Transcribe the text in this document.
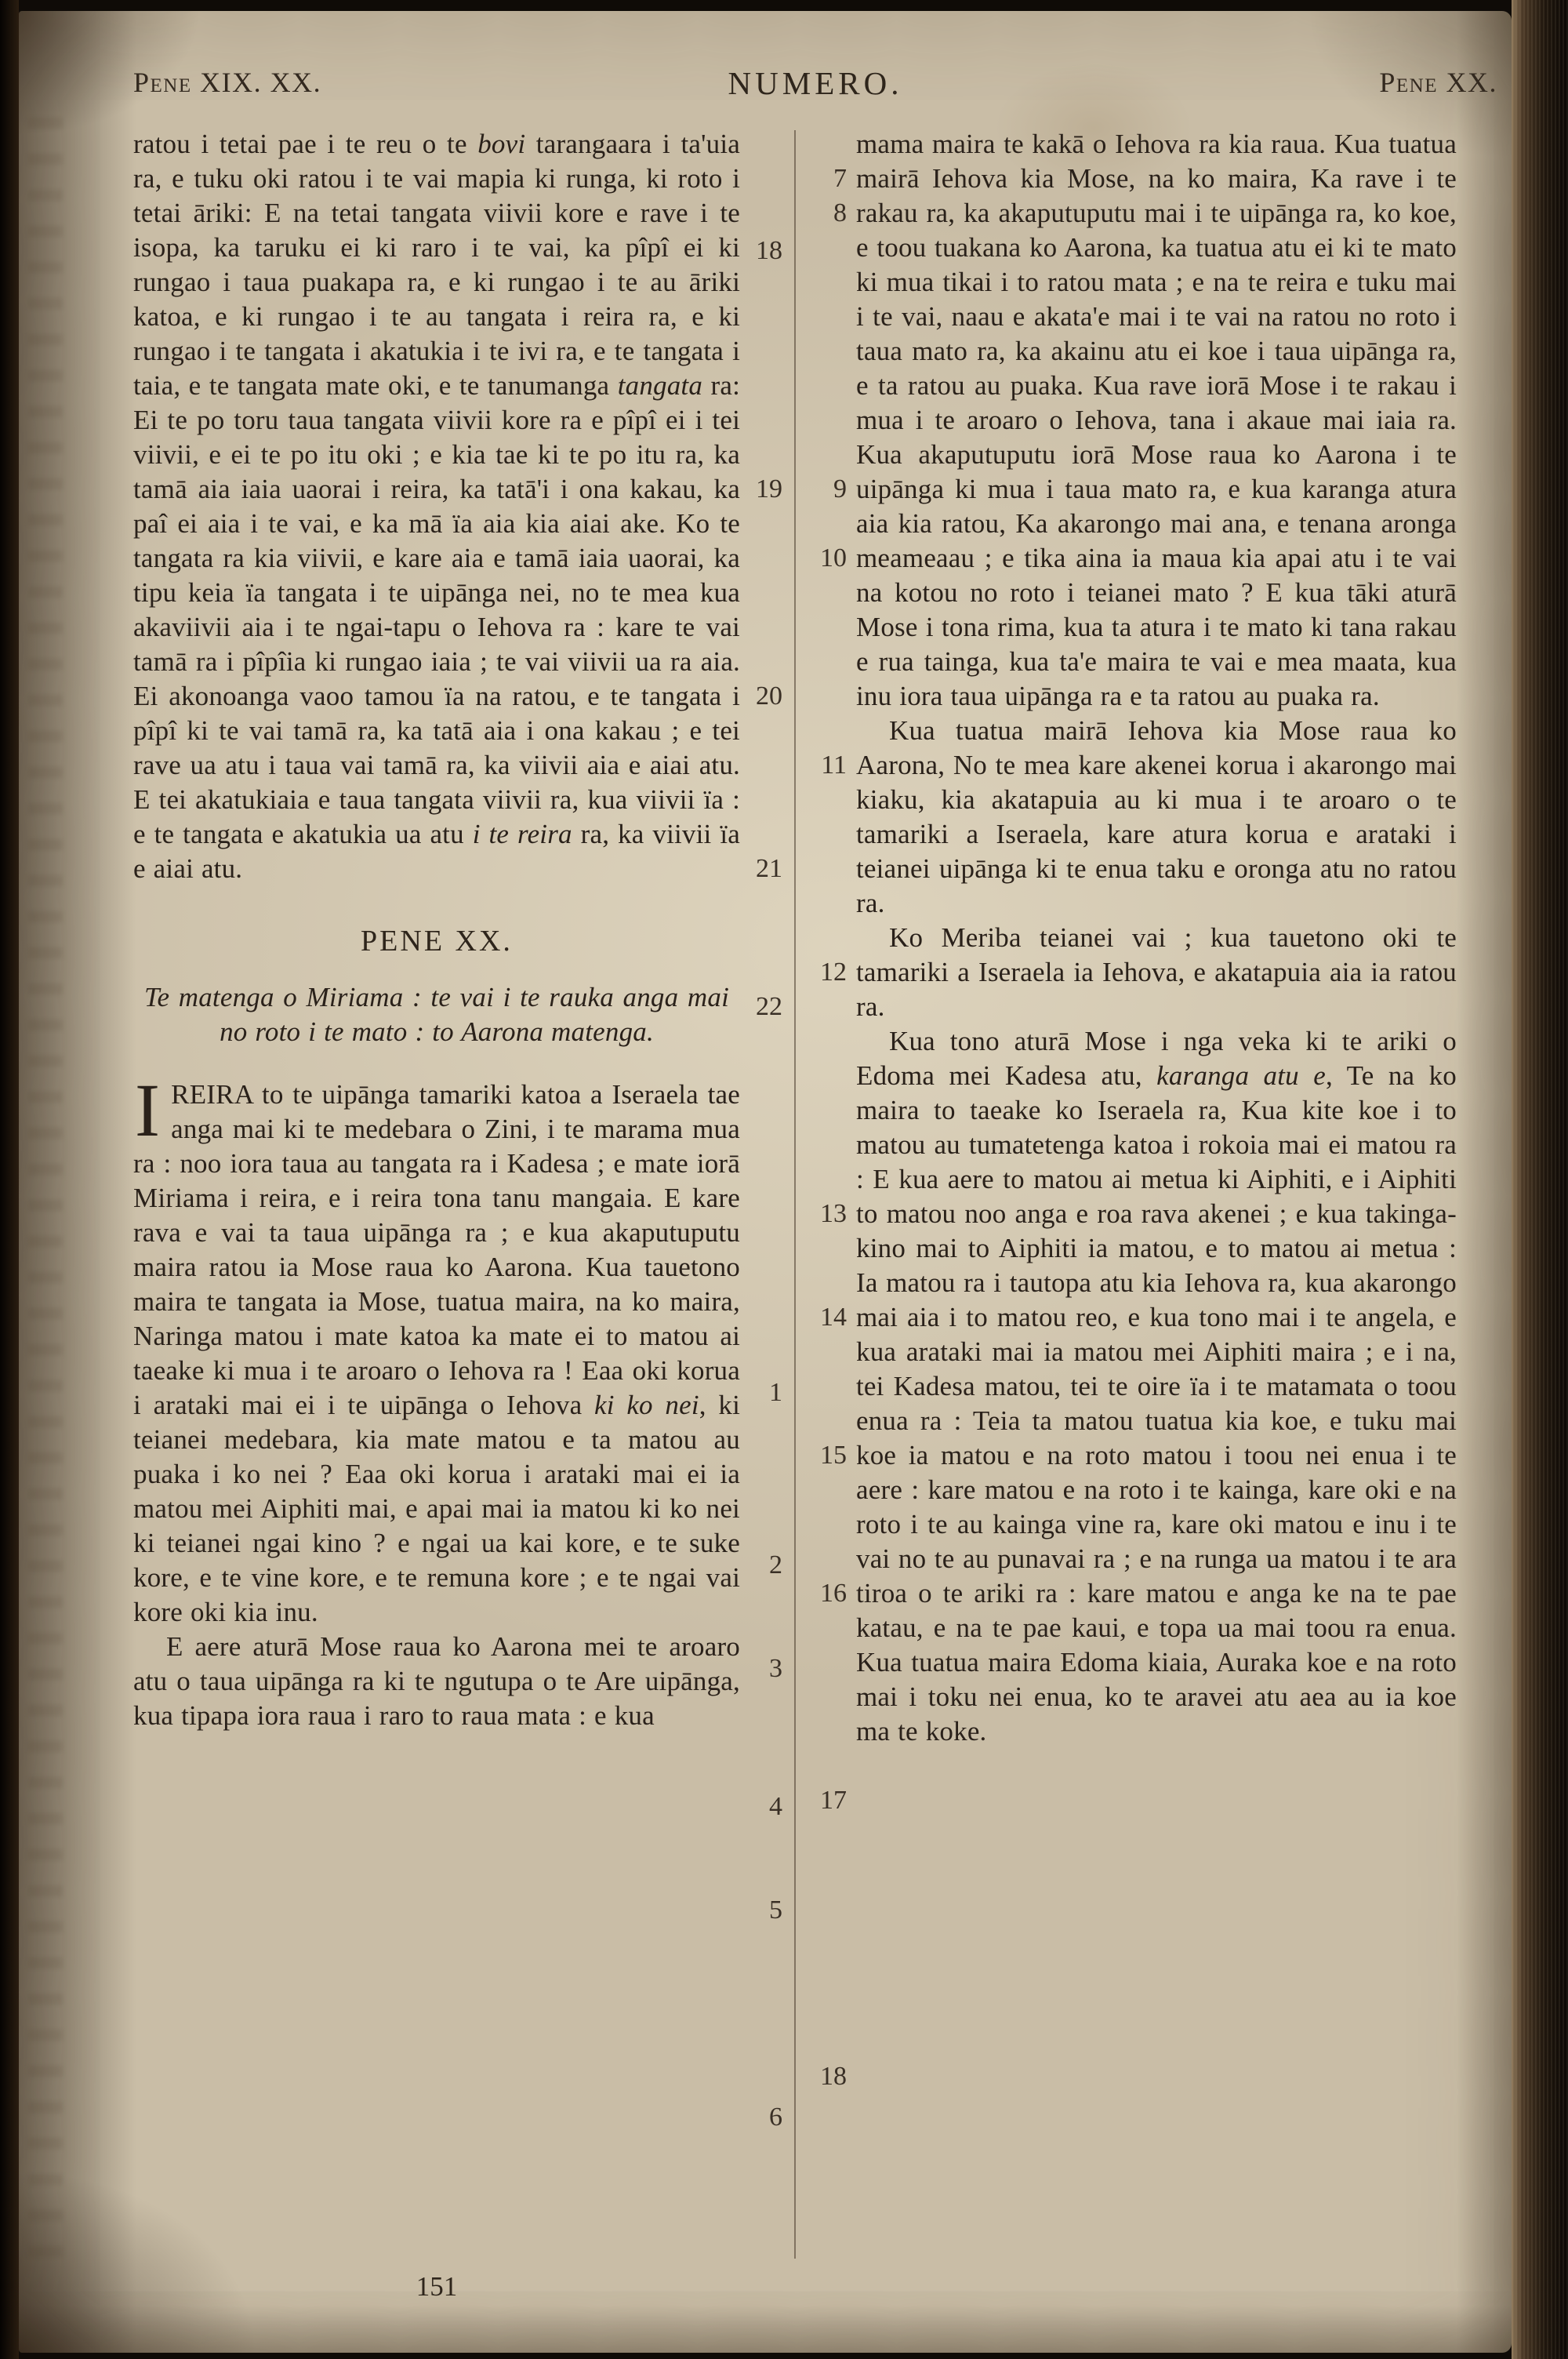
Pene XIX. XX.	NUMERO.	Pene XX.

ratou i tetai pae i te reu o te bovi tarangaara i ta'uia ra, e tuku oki ratou i te vai mapia ki runga, ki roto i tetai āriki: E na tetai tangata viivii kore e rave i te isopa, ka taruku ei ki raro i te vai, ka pîpî ei ki rungao i taua puakapa ra, e ki rungao i te au āriki katoa, e ki rungao i te au tangata i reira ra, e ki rungao i te tangata i akatukia i te ivi ra, e te tangata i taia, e te tangata mate oki, e te tanumanga tangata ra: Ei te po toru taua tangata viivii kore ra e pîpî ei i tei viivii, e ei te po itu oki ; e kia tae ki te po itu ra, ka tamā aia iaia uaorai i reira, ka tatā'i i ona kakau, ka paî ei aia i te vai, e ka mā ïa aia kia aiai ake. Ko te tangata ra kia viivii, e kare aia e tamā iaia uaorai, ka tipu keia ïa tangata i te uipānga nei, no te mea kua akaviivii aia i te ngai-tapu o Iehova ra : kare te vai tamā ra i pîpîia ki rungao iaia ; te vai viivii ua ra aia. Ei akonoanga vaoo tamou ïa na ratou, e te tangata i pîpî ki te vai tamā ra, ka tatā aia i ona kakau ; e tei rave ua atu i taua vai tamā ra, ka viivii aia e aiai atu. E tei akatukiaia e taua tangata viivii ra, kua viivii ïa : e te tangata e akatukia ua atu i te reira ra, ka viivii ïa e aiai atu.

PENE XX.

Te matenga o Miriama : te vai i te rauka anga mai no roto i te mato : to Aarona matenga.

IREIRA to te uipānga tamariki katoa a Iseraela tae anga mai ki te medebara o Zini, i te marama mua ra : noo iora taua au tangata ra i Kadesa ; e mate iorā Miriama i reira, e i reira tona tanu mangaia. E kare rava e vai ta taua uipānga ra ; e kua akaputuputu maira ratou ia Mose raua ko Aarona. Kua tauetono maira te tangata ia Mose, tuatua maira, na ko maira, Naringa matou i mate katoa ka mate ei to matou ai taeake ki mua i te aroaro o Iehova ra ! Eaa oki korua i arataki mai ei i te uipānga o Iehova ki ko nei, ki teianei medebara, kia mate matou e ta matou au puaka i ko nei ? Eaa oki korua i arataki mai ei ia matou mei Aiphiti mai, e apai mai ia matou ki ko nei ki teianei ngai kino ? e ngai ua kai kore, e te suke kore, e te vine kore, e te remuna kore ; e te ngai vai kore oki kia inu.

E aere aturā Mose raua ko Aarona mei te aroaro atu o taua uipānga ra ki te ngutupa o te Are uipānga, kua tipapa iora raua i raro to raua mata : e kua

mama maira te kakā o Iehova ra kia raua. Kua tuatua mairā Iehova kia Mose, na ko maira, Ka rave i te rakau ra, ka akaputuputu mai i te uipānga ra, ko koe, e toou tuakana ko Aarona, ka tuatua atu ei ki te mato ki mua tikai i to ratou mata ; e na te reira e tuku mai i te vai, naau e akata'e mai i te vai na ratou no roto i taua mato ra, ka akainu atu ei koe i taua uipānga ra, e ta ratou au puaka. Kua rave iorā Mose i te rakau i mua i te aroaro o Iehova, tana i akaue mai iaia ra. Kua akaputuputu iorā Mose raua ko Aarona i te uipānga ki mua i taua mato ra, e kua karanga atura aia kia ratou, Ka akarongo mai ana, e tenana aronga meameaau ; e tika aina ia maua kia apai atu i te vai na kotou no roto i teianei mato ? E kua tāki aturā Mose i tona rima, kua ta atura i te mato ki tana rakau e rua tainga, kua ta'e maira te vai e mea maata, kua inu iora taua uipānga ra e ta ratou au puaka ra.

Kua tuatua mairā Iehova kia Mose raua ko Aarona, No te mea kare akenei korua i akarongo mai kiaku, kia akatapuia au ki mua i te aroaro o te tamariki a Iseraela, kare atura korua e arataki i teianei uipānga ki te enua taku e oronga atu no ratou ra.

Ko Meriba teianei vai ; kua tauetono oki te tamariki a Iseraela ia Iehova, e akatapuia aia ia ratou ra.

Kua tono aturā Mose i nga veka ki te ariki o Edoma mei Kadesa atu, karanga atu e, Te na ko maira to taeake ko Iseraela ra, Kua kite koe i to matou au tumatetenga katoa i rokoia mai ei matou ra : E kua aere to matou ai metua ki Aiphiti, e i Aiphiti to matou noo anga e roa rava akenei ; e kua takinga-kino mai to Aiphiti ia matou, e to matou ai metua : Ia matou ra i tautopa atu kia Iehova ra, kua akarongo mai aia i to matou reo, e kua tono mai i te angela, e kua arataki mai ia matou mei Aiphiti maira ; e i na, tei Kadesa matou, tei te oire ïa i te matamata o toou enua ra : Teia ta matou tuatua kia koe, e tuku mai koe ia matou e na roto matou i toou nei enua i te aere : kare matou e na roto i te kainga, kare oki e na roto i te au kainga vine ra, kare oki matou e inu i te vai no te au punavai ra ; e na runga ua matou i te ara tiroa o te ariki ra : kare matou e anga ke na te pae katau, e na te pae kaui, e topa ua mai toou ra enua. Kua tuatua maira Edoma kiaia, Auraka koe e na roto mai i toku nei enua, ko te aravei atu aea au ia koe ma te koke.

18
19
20
21
22
1
2
3
4
5
6
7
8
9
10
11
12
13
14
15
16
17
18
151
